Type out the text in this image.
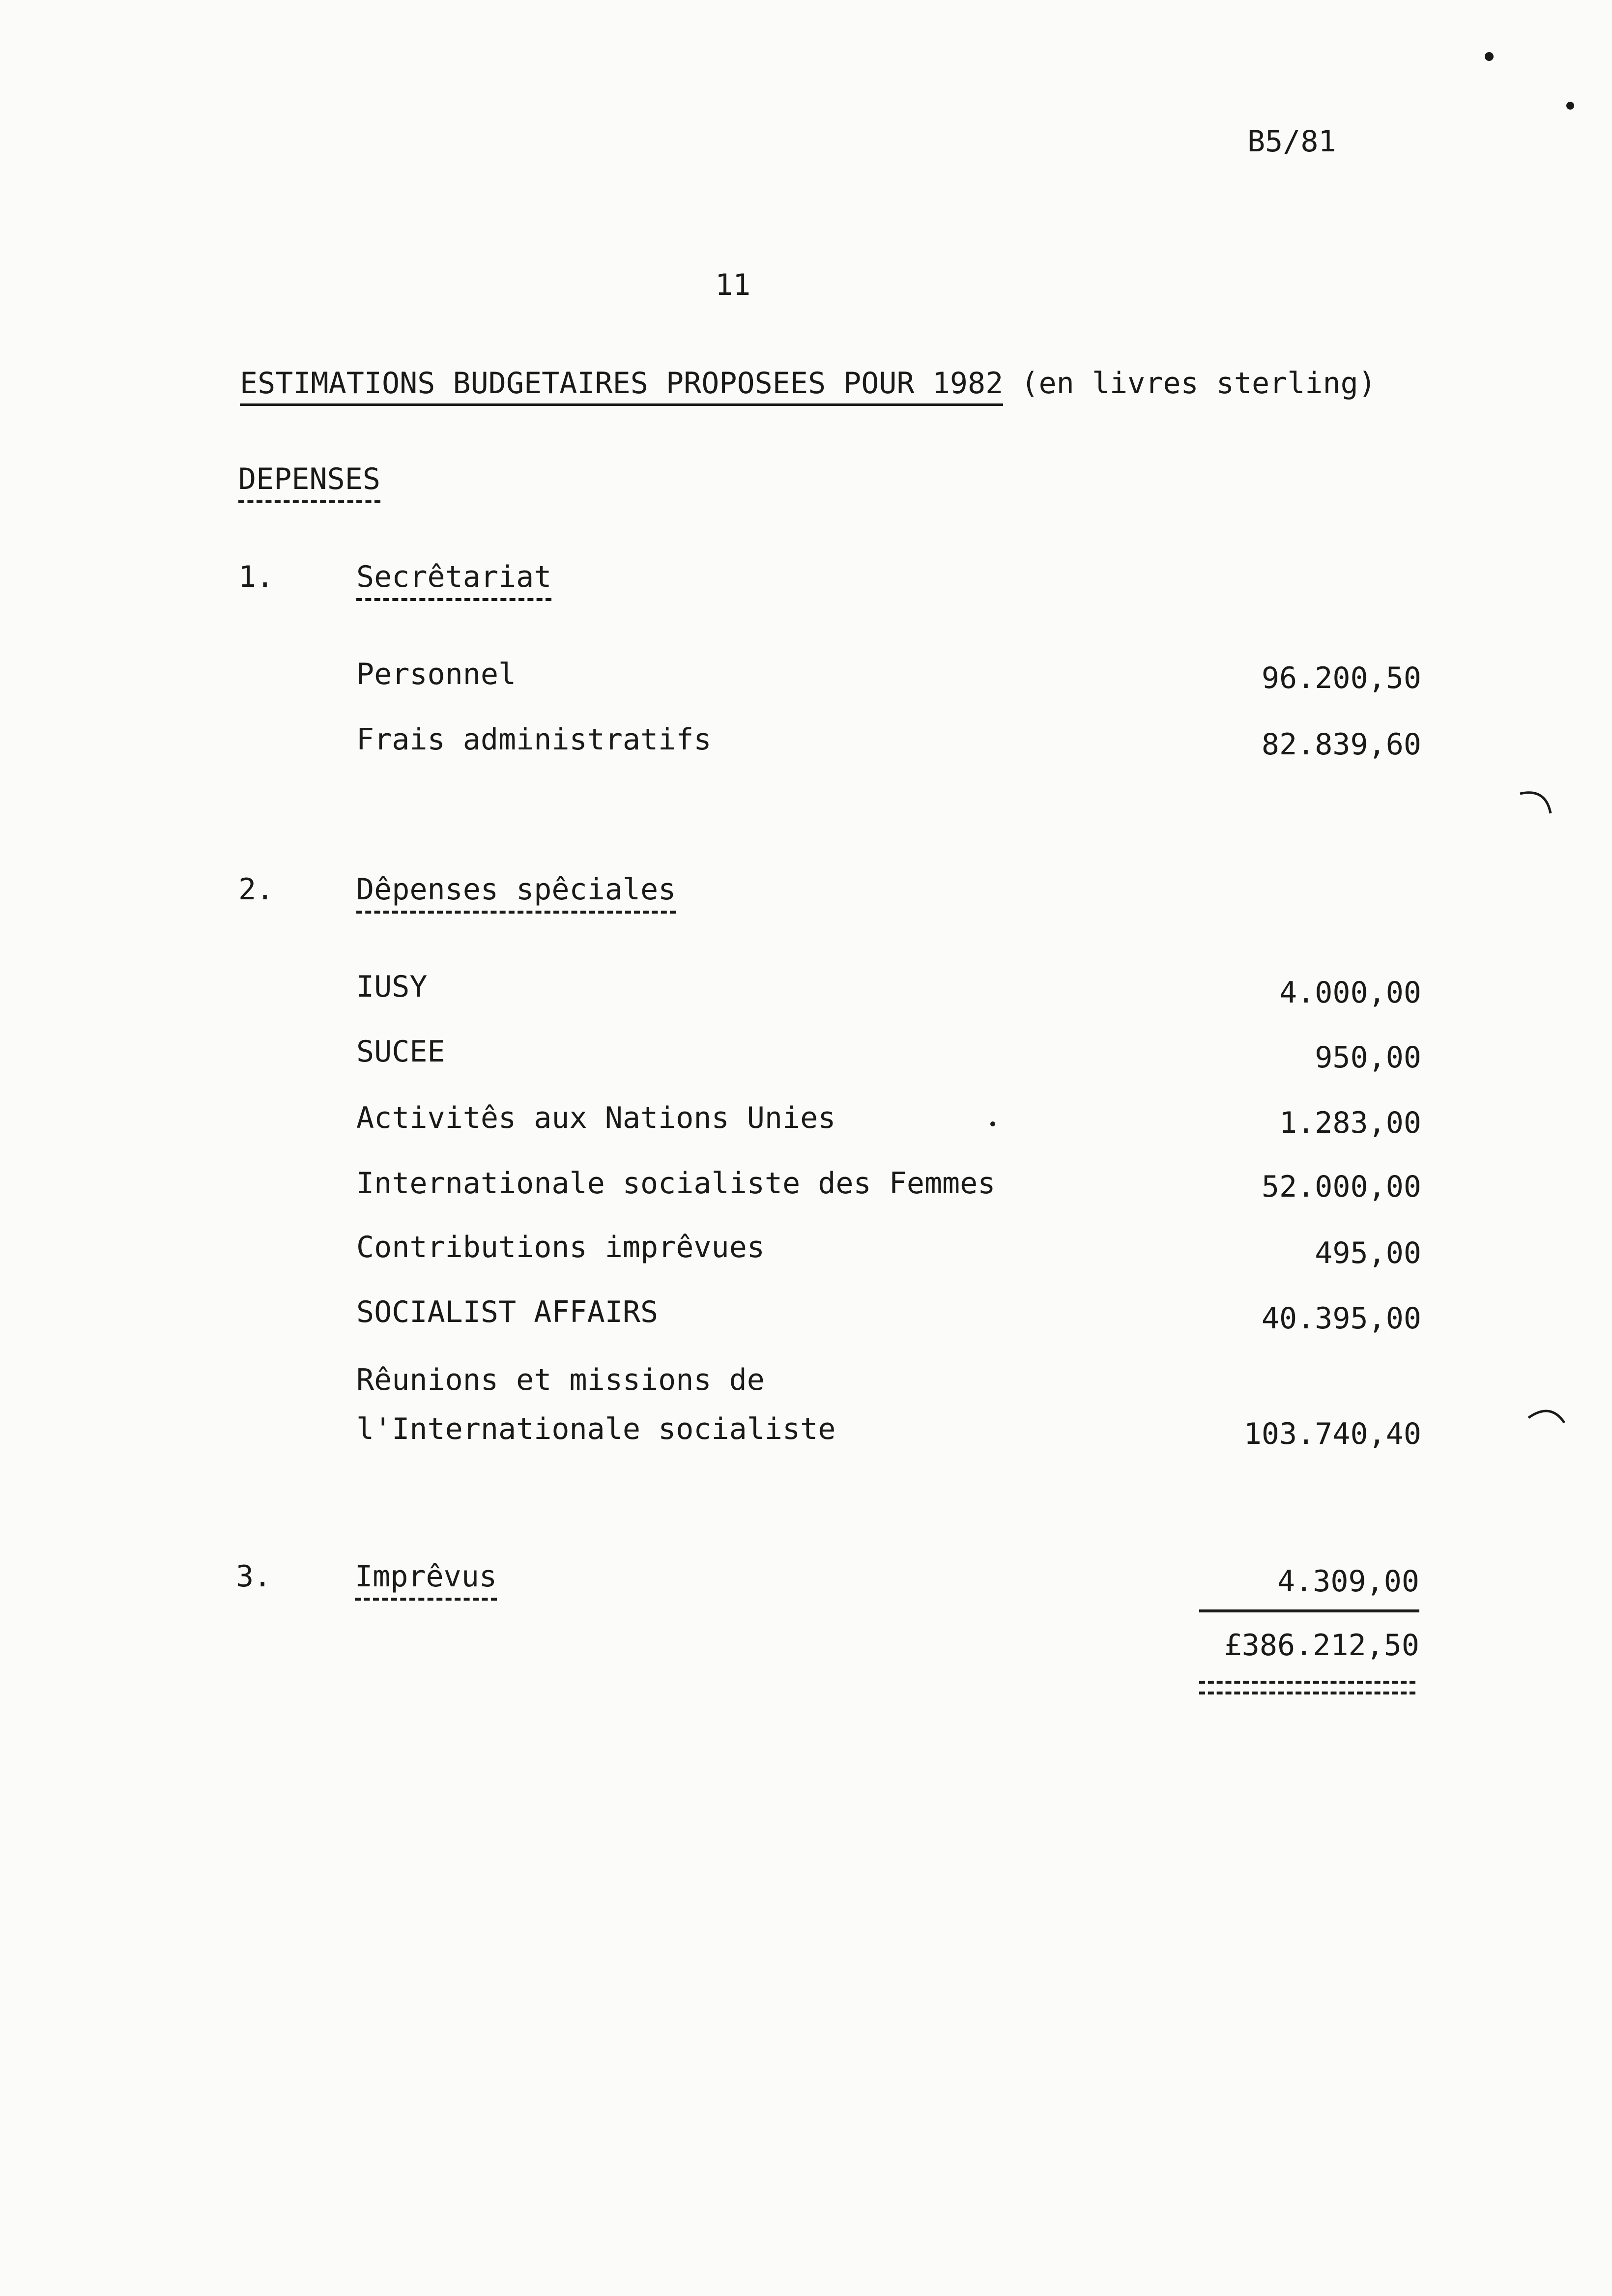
B5/81
11
ESTIMATIONS BUDGETAIRES PROPOSEES POUR 1982 (en livres sterling)
DEPENSES
1.	Secrêtariat
Personnel	96.200,50
Frais administratifs	82.839,60
2.	Dêpenses spêciales
IUSY	4.000,00
SUCEE	950,00
Activitês aux Nations Unies	1.283,00
Internationale socialiste des Femmes	52.000,00
Contributions imprêvues	495,00
SOCIALIST AFFAIRS	40.395,00
Rêunions et missions de
l'Internationale socialiste	103.740,40
3.	Imprêvus	4.309,00
£386.212,50
